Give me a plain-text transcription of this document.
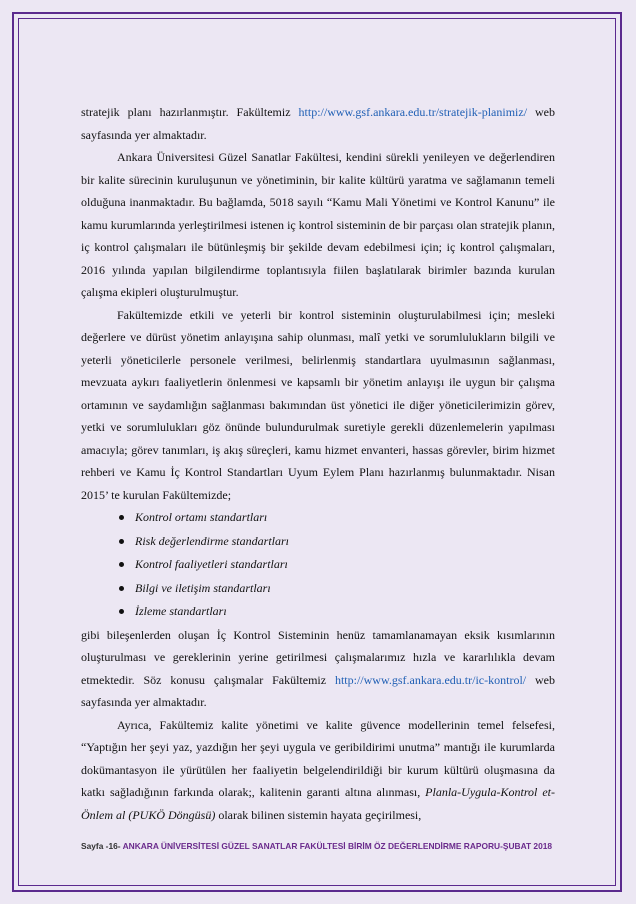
stratejik planı hazırlanmıştır. Fakültemiz http://www.gsf.ankara.edu.tr/stratejik-planimiz/ web sayfasında yer almaktadır.

Ankara Üniversitesi Güzel Sanatlar Fakültesi, kendini sürekli yenileyen ve değerlendiren bir kalite sürecinin kuruluşunun ve yönetiminin, bir kalite kültürü yaratma ve sağlamanın temeli olduğuna inanmaktadır. Bu bağlamda, 5018 sayılı “Kamu Mali Yönetimi ve Kontrol Kanunu” ile kamu kurumlarında yerleştirilmesi istenen iç kontrol sisteminin de bir parçası olan stratejik planın, iç kontrol çalışmaları ile bütünleşmiş bir şekilde devam edebilmesi için; iç kontrol çalışmaları, 2016 yılında yapılan bilgilendirme toplantısıyla fiilen başlatılarak birimler bazında kurulan çalışma ekipleri oluşturulmuştur.

Fakültemizde etkili ve yeterli bir kontrol sisteminin oluşturulabilmesi için; mesleki değerlere ve dürüst yönetim anlayışına sahip olunması, malî yetki ve sorumlulukların bilgili ve yeterli yöneticilerle personele verilmesi, belirlenmiş standartlara uyulmasının sağlanması, mevzuata aykırı faaliyetlerin önlenmesi ve kapsamlı bir yönetim anlayışı ile uygun bir çalışma ortamının ve saydamlığın sağlanması bakımından üst yönetici ile diğer yöneticilerimizin görev, yetki ve sorumlulukları göz önünde bulundurulmak suretiyle gerekli düzenlemelerin yapılması amacıyla; görev tanımları, iş akış süreçleri, kamu hizmet envanteri, hassas görevler, birim hizmet rehberi ve Kamu İç Kontrol Standartları Uyum Eylem Planı hazırlanmış bulunmaktadır. Nisan 2015’ te kurulan Fakültemizde;

Kontrol ortamı standartları
Risk değerlendirme standartları
Kontrol faaliyetleri standartları
Bilgi ve iletişim standartları
İzleme standartları

gibi bileşenlerden oluşan İç Kontrol Sisteminin henüz tamamlanamayan eksik kısımlarının oluşturulması ve gereklerinin yerine getirilmesi çalışmalarımız hızla ve kararlılıkla devam etmektedir. Söz konusu çalışmalar Fakültemiz http://www.gsf.ankara.edu.tr/ic-kontrol/ web sayfasında yer almaktadır.

Ayrıca, Fakültemiz kalite yönetimi ve kalite güvence modellerinin temel felsefesi, “Yaptığın her şeyi yaz, yazdığın her şeyi uygula ve geribildirimi unutma” mantığı ile kurumlarda dokümantasyon ile yürütülen her faaliyetin belgelendirildiği bir kurum kültürü oluşmasına da katkı sağladığının farkında olarak;, kalitenin garanti altına alınması, Planla-Uygula-Kontrol et-Önlem al (PUKÖ Döngüsü) olarak bilinen sistemin hayata geçirilmesi,

Sayfa -16- ANKARA ÜNİVERSİTESİ GÜZEL SANATLAR FAKÜLTESİ BİRİM ÖZ DEĞERLENDİRME RAPORU-ŞUBAT 2018
